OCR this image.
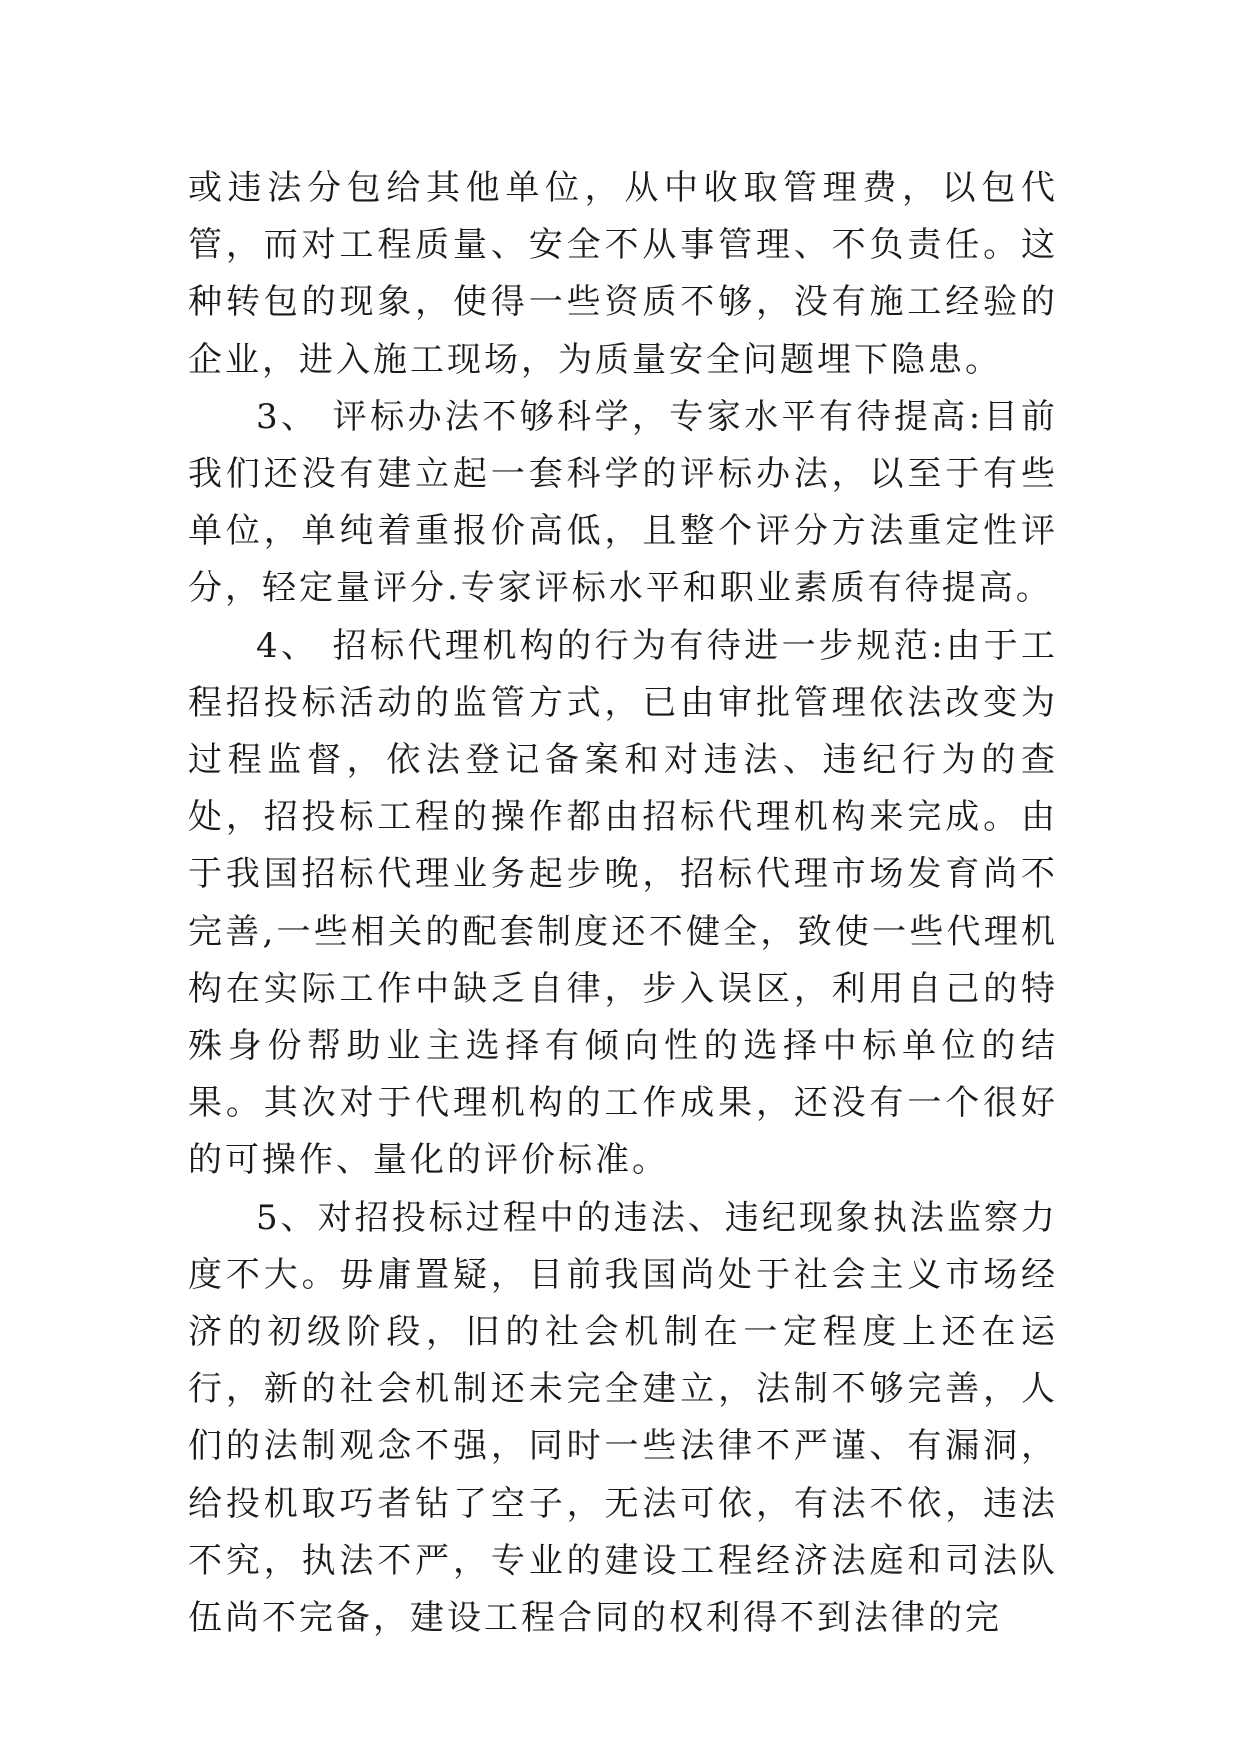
或违法分包给其他单位，从中收取管理费，以包代管，而对工程质量、安全不从事管理、不负责任。这种转包的现象，使得一些资质不够，没有施工经验的企业，进入施工现场，为质量安全问题埋下隐患。

3、 评标办法不够科学，专家水平有待提高:目前我们还没有建立起一套科学的评标办法，以至于有些单位，单纯着重报价高低，且整个评分方法重定性评分，轻定量评分.专家评标水平和职业素质有待提高。

4、 招标代理机构的行为有待进一步规范:由于工程招投标活动的监管方式，已由审批管理依法改变为过程监督，依法登记备案和对违法、违纪行为的查处，招投标工程的操作都由招标代理机构来完成。由于我国招标代理业务起步晚，招标代理市场发育尚不完善,一些相关的配套制度还不健全，致使一些代理机构在实际工作中缺乏自律，步入误区，利用自己的特殊身份帮助业主选择有倾向性的选择中标单位的结果。其次对于代理机构的工作成果，还没有一个很好的可操作、量化的评价标准。

5、对招投标过程中的违法、违纪现象执法监察力度不大。毋庸置疑，目前我国尚处于社会主义市场经济的初级阶段，旧的社会机制在一定程度上还在运行，新的社会机制还未完全建立，法制不够完善，人们的法制观念不强，同时一些法律不严谨、有漏洞，给投机取巧者钻了空子，无法可依，有法不依，违法不究，执法不严，专业的建设工程经济法庭和司法队伍尚不完备，建设工程合同的权利得不到法律的完
